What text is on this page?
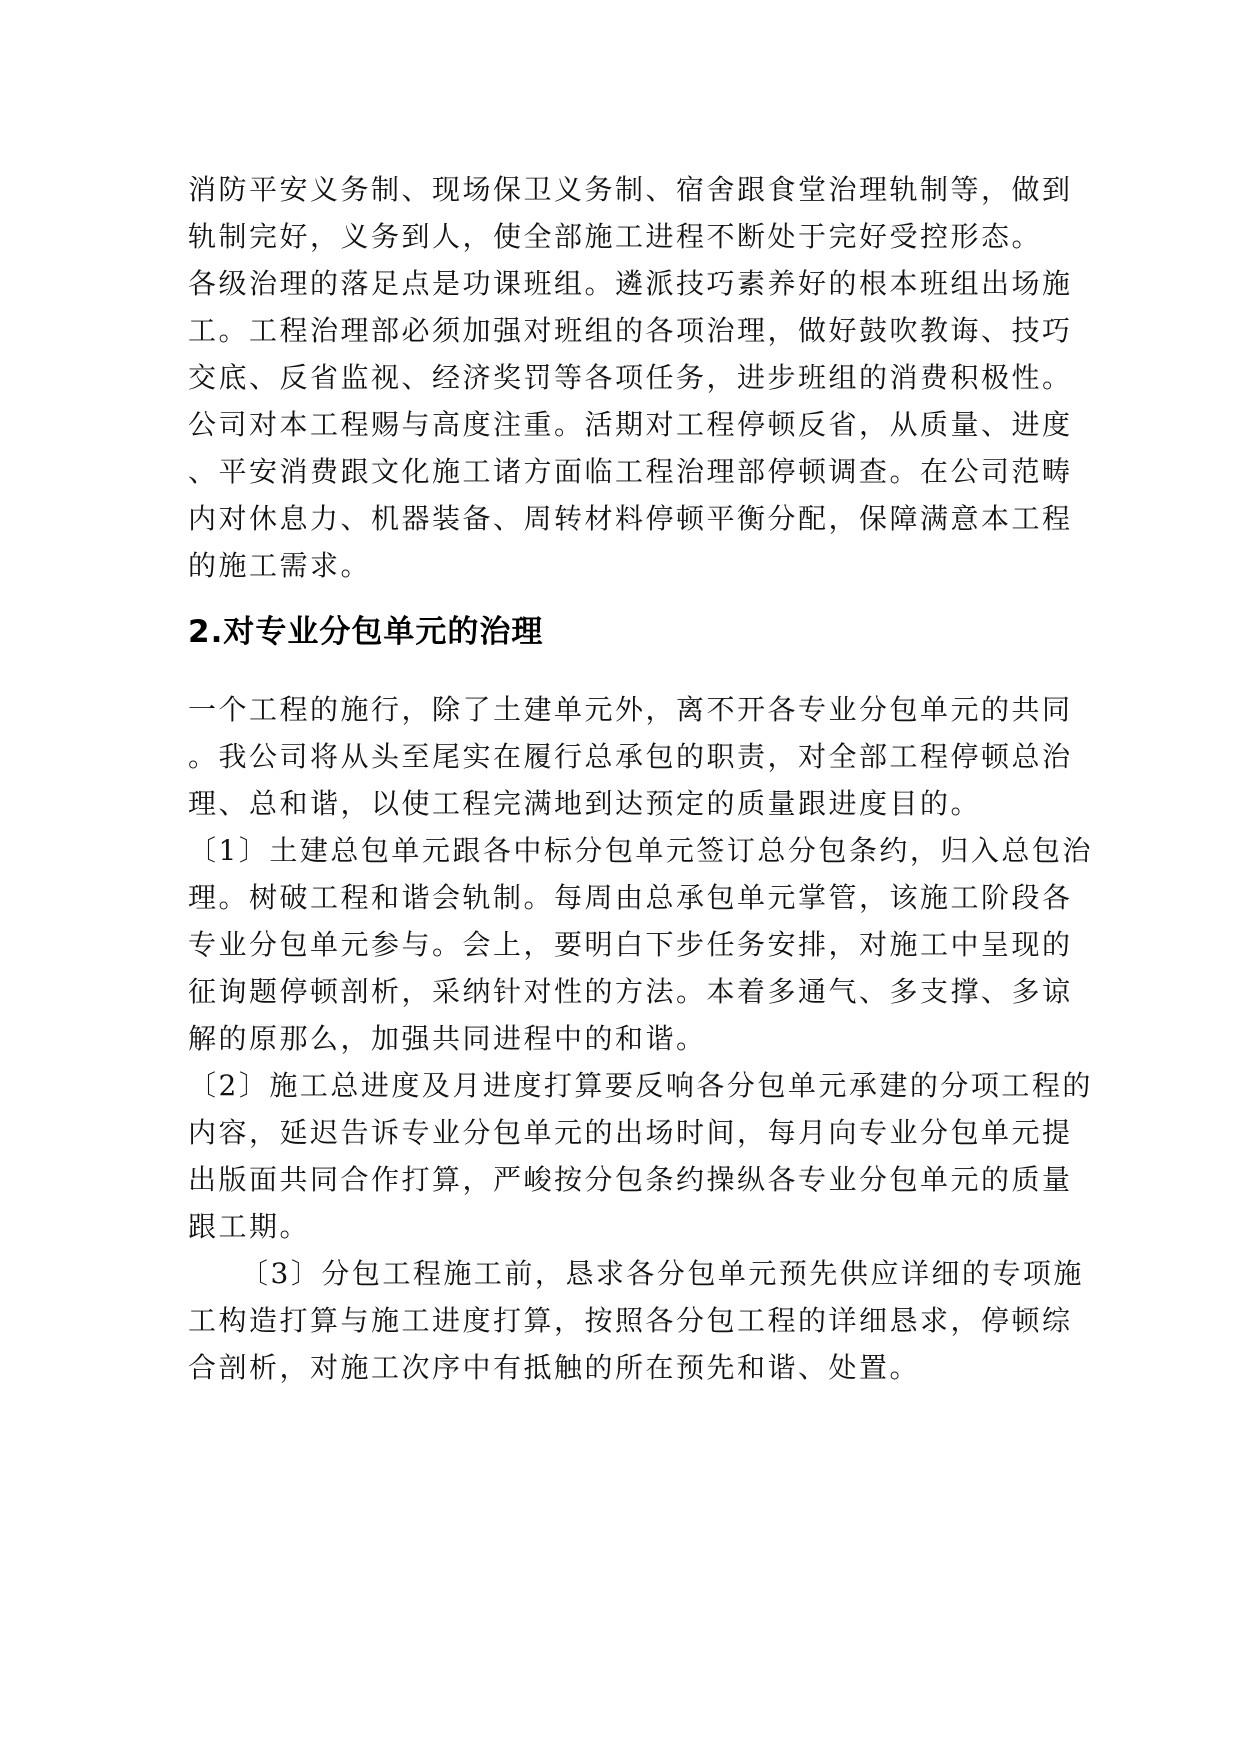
消防平安义务制、现场保卫义务制、宿舍跟食堂治理轨制等，做到
轨制完好，义务到人，使全部施工进程不断处于完好受控形态。
各级治理的落足点是功课班组。遴派技巧素养好的根本班组出场施
工。工程治理部必须加强对班组的各项治理，做好鼓吹教诲、技巧
交底、反省监视、经济奖罚等各项任务，进步班组的消费积极性。
公司对本工程赐与高度注重。活期对工程停顿反省，从质量、进度
、平安消费跟文化施工诸方面临工程治理部停顿调查。在公司范畴
内对休息力、机器装备、周转材料停顿平衡分配，保障满意本工程
的施工需求。
2.对专业分包单元的治理
一个工程的施行，除了土建单元外，离不开各专业分包单元的共同
。我公司将从头至尾实在履行总承包的职责，对全部工程停顿总治
理、总和谐，以使工程完满地到达预定的质量跟进度目的。
〔1〕土建总包单元跟各中标分包单元签订总分包条约，归入总包治
理。树破工程和谐会轨制。每周由总承包单元掌管，该施工阶段各
专业分包单元参与。会上，要明白下步任务安排，对施工中呈现的
征询题停顿剖析，采纳针对性的方法。本着多通气、多支撑、多谅
解的原那么，加强共同进程中的和谐。
〔2〕施工总进度及月进度打算要反响各分包单元承建的分项工程的
内容，延迟告诉专业分包单元的出场时间，每月向专业分包单元提
出版面共同合作打算，严峻按分包条约操纵各专业分包单元的质量
跟工期。
〔3〕分包工程施工前，恳求各分包单元预先供应详细的专项施
工构造打算与施工进度打算，按照各分包工程的详细恳求，停顿综
合剖析，对施工次序中有抵触的所在预先和谐、处置。
